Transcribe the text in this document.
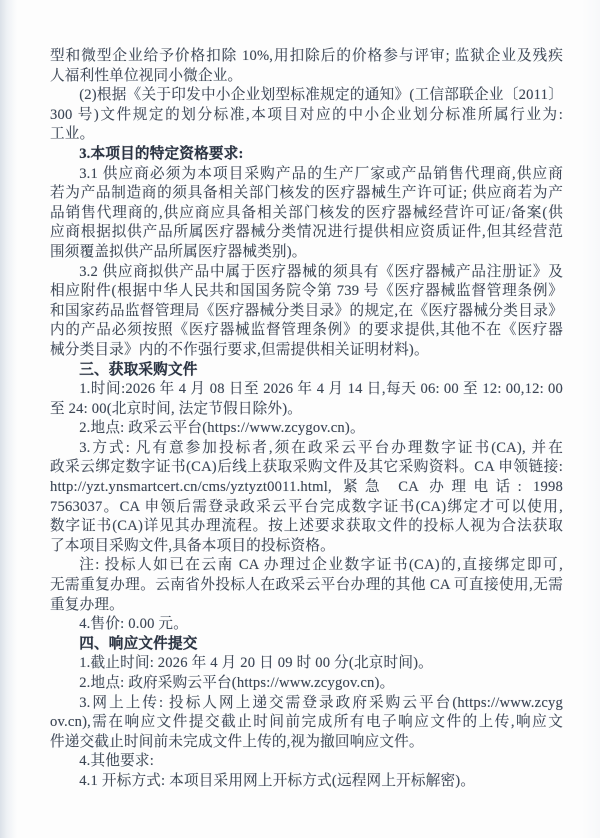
型和微型企业给予价格扣除 10%,用扣除后的价格参与评审; 监狱企业及残疾
人福利性单位视同小微企业。
(2)根据《关于印发中小企业划型标准规定的通知》(工信部联企业〔2011〕
300 号)文件规定的划分标准,本项目对应的中小企业划分标准所属行业为:
工业。
3.本项目的特定资格要求:
3.1 供应商必须为本项目采购产品的生产厂家或产品销售代理商,供应商
若为产品制造商的须具备相关部门核发的医疗器械生产许可证; 供应商若为产
品销售代理商的,供应商应具备相关部门核发的医疗器械经营许可证/备案(供
应商根据拟供产品所属医疗器械分类情况进行提供相应资质证件,但其经营范
围须覆盖拟供产品所属医疗器械类别)。
3.2 供应商拟供产品中属于医疗器械的须具有《医疗器械产品注册证》及
相应附件(根据中华人民共和国国务院令第 739 号《医疗器械监督管理条例》
和国家药品监督管理局《医疗器械分类目录》的规定,在《医疗器械分类目录》
内的产品必须按照《医疗器械监督管理条例》的要求提供,其他不在《医疗器
械分类目录》内的不作强行要求,但需提供相关证明材料)。
三、获取采购文件
1.时间:2026 年 4 月 08 日至 2026 年 4 月 14 日,每天 06: 00 至 12: 00,12: 00
至 24: 00(北京时间, 法定节假日除外)。
2.地点: 政采云平台(https://www.zcygov.cn)。
3.方式: 凡有意参加投标者,须在政采云平台办理数字证书(CA), 并在
政采云绑定数字证书(CA)后线上获取采购文件及其它采购资料。CA 申领链接:
http://yzt.ynsmartcert.cn/cms/yztyzt0011.html, 紧急 CA 办理电话: 1998
7563037。CA 申领后需登录政采云平台完成数字证书(CA)绑定才可以使用,
数字证书(CA)详见其办理流程。按上述要求获取文件的投标人视为合法获取
了本项目采购文件,具备本项目的投标资格。
注: 投标人如已在云南 CA 办理过企业数字证书(CA)的,直接绑定即可,
无需重复办理。云南省外投标人在政采云平台办理的其他 CA 可直接使用,无需
重复办理。
4.售价: 0.00 元。
四、响应文件提交
1.截止时间: 2026 年 4 月 20 日 09 时 00 分(北京时间)。
2.地点: 政府采购云平台(https://www.zcygov.cn)。
3.网上上传: 投标人网上递交需登录政府采购云平台(https://www.zcyg
ov.cn),需在响应文件提交截止时间前完成所有电子响应文件的上传,响应文
件递交截止时间前未完成文件上传的,视为撤回响应文件。
4.其他要求:
4.1 开标方式: 本项目采用网上开标方式(远程网上开标解密)。
